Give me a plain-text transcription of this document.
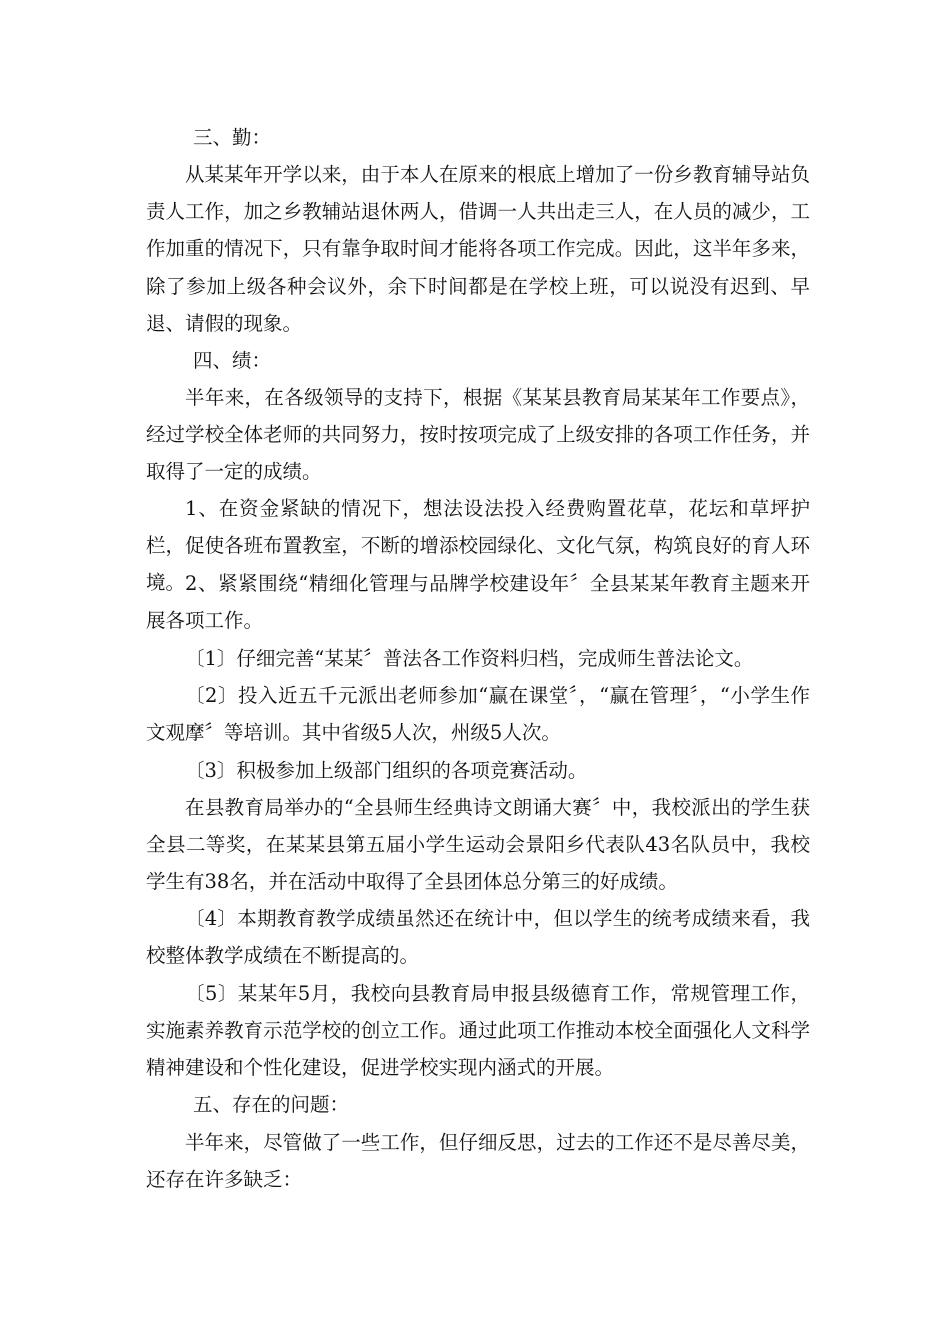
三、勤：

从某某年开学以来，由于本人在原来的根底上增加了一份乡教育辅导站负责人工作，加之乡教辅站退休两人，借调一人共出走三人，在人员的减少，工作加重的情况下，只有靠争取时间才能将各项工作完成。因此，这半年多来，除了参加上级各种会议外，余下时间都是在学校上班，可以说没有迟到、早退、请假的现象。

四、绩：

半年来，在各级领导的支持下，根据《某某县教育局某某年工作要点》，经过学校全体老师的共同努力，按时按项完成了上级安排的各项工作任务，并取得了一定的成绩。

1、在资金紧缺的情况下，想法设法投入经费购置花草，花坛和草坪护栏，促使各班布置教室，不断的增添校园绿化、文化气氛，构筑良好的育人环境。 2、紧紧围绕“精细化管理与品牌学校建设年〞全县某某年教育主题来开展各项工作。

〔1〕仔细完善“某某〞普法各工作资料归档，完成师生普法论文。

〔2〕投入近五千元派出老师参加“赢在课堂〞，“赢在管理〞，“小学生作文观摩〞等培训。其中省级5人次，州级5人次。

〔3〕积极参加上级部门组织的各项竞赛活动。

在县教育局举办的“全县师生经典诗文朗诵大赛〞中，我校派出的学生获全县二等奖，在某某县第五届小学生运动会景阳乡代表队43名队员中，我校学生有38名，并在活动中取得了全县团体总分第三的好成绩。

〔4〕本期教育教学成绩虽然还在统计中，但以学生的统考成绩来看，我校整体教学成绩在不断提高的。

〔5〕某某年5月，我校向县教育局申报县级德育工作，常规管理工作，实施素养教育示范学校的创立工作。通过此项工作推动本校全面强化人文科学精神建设和个性化建设，促进学校实现内涵式的开展。

五、存在的问题：

半年来，尽管做了一些工作，但仔细反思，过去的工作还不是尽善尽美，还存在许多缺乏：
